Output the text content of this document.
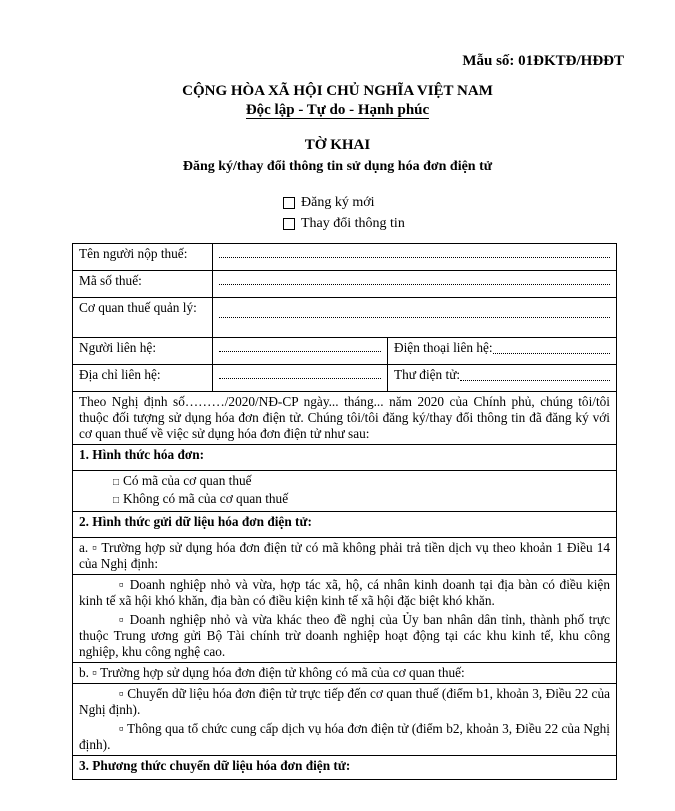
Mẫu số: 01ĐKTĐ/HĐĐT
CỘNG HÒA XÃ HỘI CHỦ NGHĨA VIỆT NAM
Độc lập - Tự do - Hạnh phúc
TỜ KHAI
Đăng ký/thay đổi thông tin sử dụng hóa đơn điện tử
Đăng ký mới
Thay đổi thông tin
Tên người nộp thuế:		

Mã số thuế:		

Cơ quan thuế quản lý:		

Người liên hệ:		Điện thoại liên hệ:

Địa chỉ liên hệ:		Thư điện tử:

Theo Nghị định số………/2020/NĐ-CP ngày... tháng... năm 2020 của Chính phủ, chúng tôi/tôi thuộc đối tượng sử dụng hóa đơn điện tử. Chúng tôi/tôi đăng ký/thay đổi thông tin đã đăng ký với cơ quan thuế về việc sử dụng hóa đơn điện tử như sau:		
1. Hình thức hóa đơn:		

□ Có mã của cơ quan thuế
□ Không có mã của cơ quan thuế		

2. Hình thức gửi dữ liệu hóa đơn điện tử:		
a. ▫ Trường hợp sử dụng hóa đơn điện tử có mã không phải trả tiền dịch vụ theo khoản 1 Điều 14 của Nghị định:		

▫ Doanh nghiệp nhỏ và vừa, hợp tác xã, hộ, cá nhân kinh doanh tại địa bàn có điều kiện kinh tế xã hội khó khăn, địa bàn có điều kiện kinh tế xã hội đặc biệt khó khăn.

▫ Doanh nghiệp nhỏ và vừa khác theo đề nghị của Ủy ban nhân dân tỉnh, thành phố trực thuộc Trung ương gửi Bộ Tài chính trừ doanh nghiệp hoạt động tại các khu kinh tế, khu công nghiệp, khu công nghệ cao.		

b. ▫ Trường hợp sử dụng hóa đơn điện tử không có mã của cơ quan thuế:		

▫ Chuyển dữ liệu hóa đơn điện tử trực tiếp đến cơ quan thuế (điểm b1, khoản 3, Điều 22 của Nghị định).

▫ Thông qua tổ chức cung cấp dịch vụ hóa đơn điện tử (điểm b2, khoản 3, Điều 22 của Nghị định).		

3. Phương thức chuyển dữ liệu hóa đơn điện tử:		
